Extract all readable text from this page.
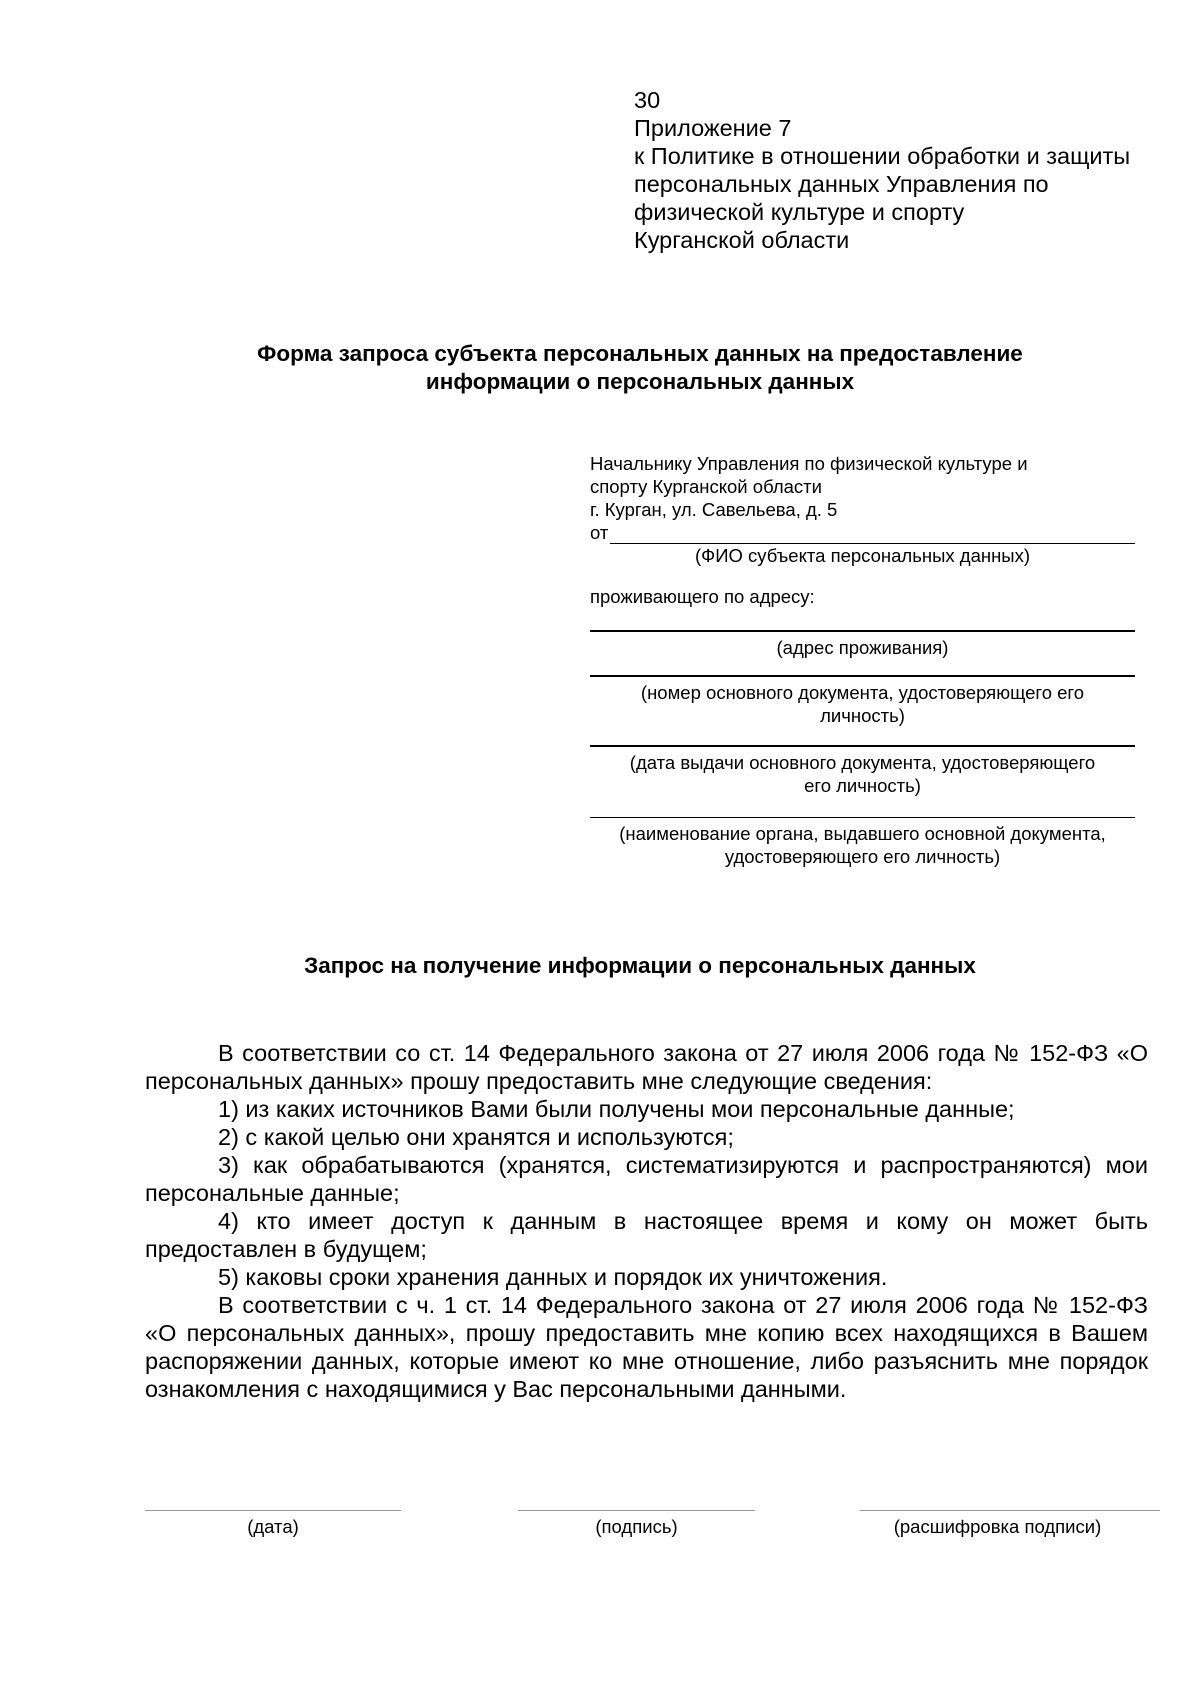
30
Приложение 7
к Политике в отношении обработки и защиты
персональных данных Управления по
физической культуре и спорту
Курганской области
Форма запроса субъекта персональных данных на предоставление
информации о персональных данных
Начальнику Управления по физической культуре и
спорту Курганской области
г. Курган, ул. Савельева, д. 5
от
(ФИО субъекта персональных данных)
проживающего по адресу:
(адрес проживания)
(номер основного документа, удостоверяющего его
личность)
(дата выдачи основного документа, удостоверяющего
его личность)
(наименование органа, выдавшего основной документа,
удостоверяющего его личность)
Запрос на получение информации о персональных данных

В соответствии со ст. 14 Федерального закона от 27 июля 2006 года № 152-ФЗ «О персональных данных» прошу предоставить мне следующие сведения:

1) из каких источников Вами были получены мои персональные данные;

2) с какой целью они хранятся и используются;

3) как обрабатываются (хранятся, систематизируются и распространяются) мои персональные данные;

4) кто имеет доступ к данным в настоящее время и кому он может быть предоставлен в будущем;

5) каковы сроки хранения данных и порядок их уничтожения.

В соответствии с ч. 1 ст. 14 Федерального закона от 27 июля 2006 года № 152-ФЗ «О персональных данных», прошу предоставить мне копию всех находящихся в Вашем распоряжении данных, которые имеют ко мне отношение, либо разъяснить мне порядок ознакомления с находящимися у Вас персональными данными.

(дата)	(подпись)	(расшифровка подписи)
